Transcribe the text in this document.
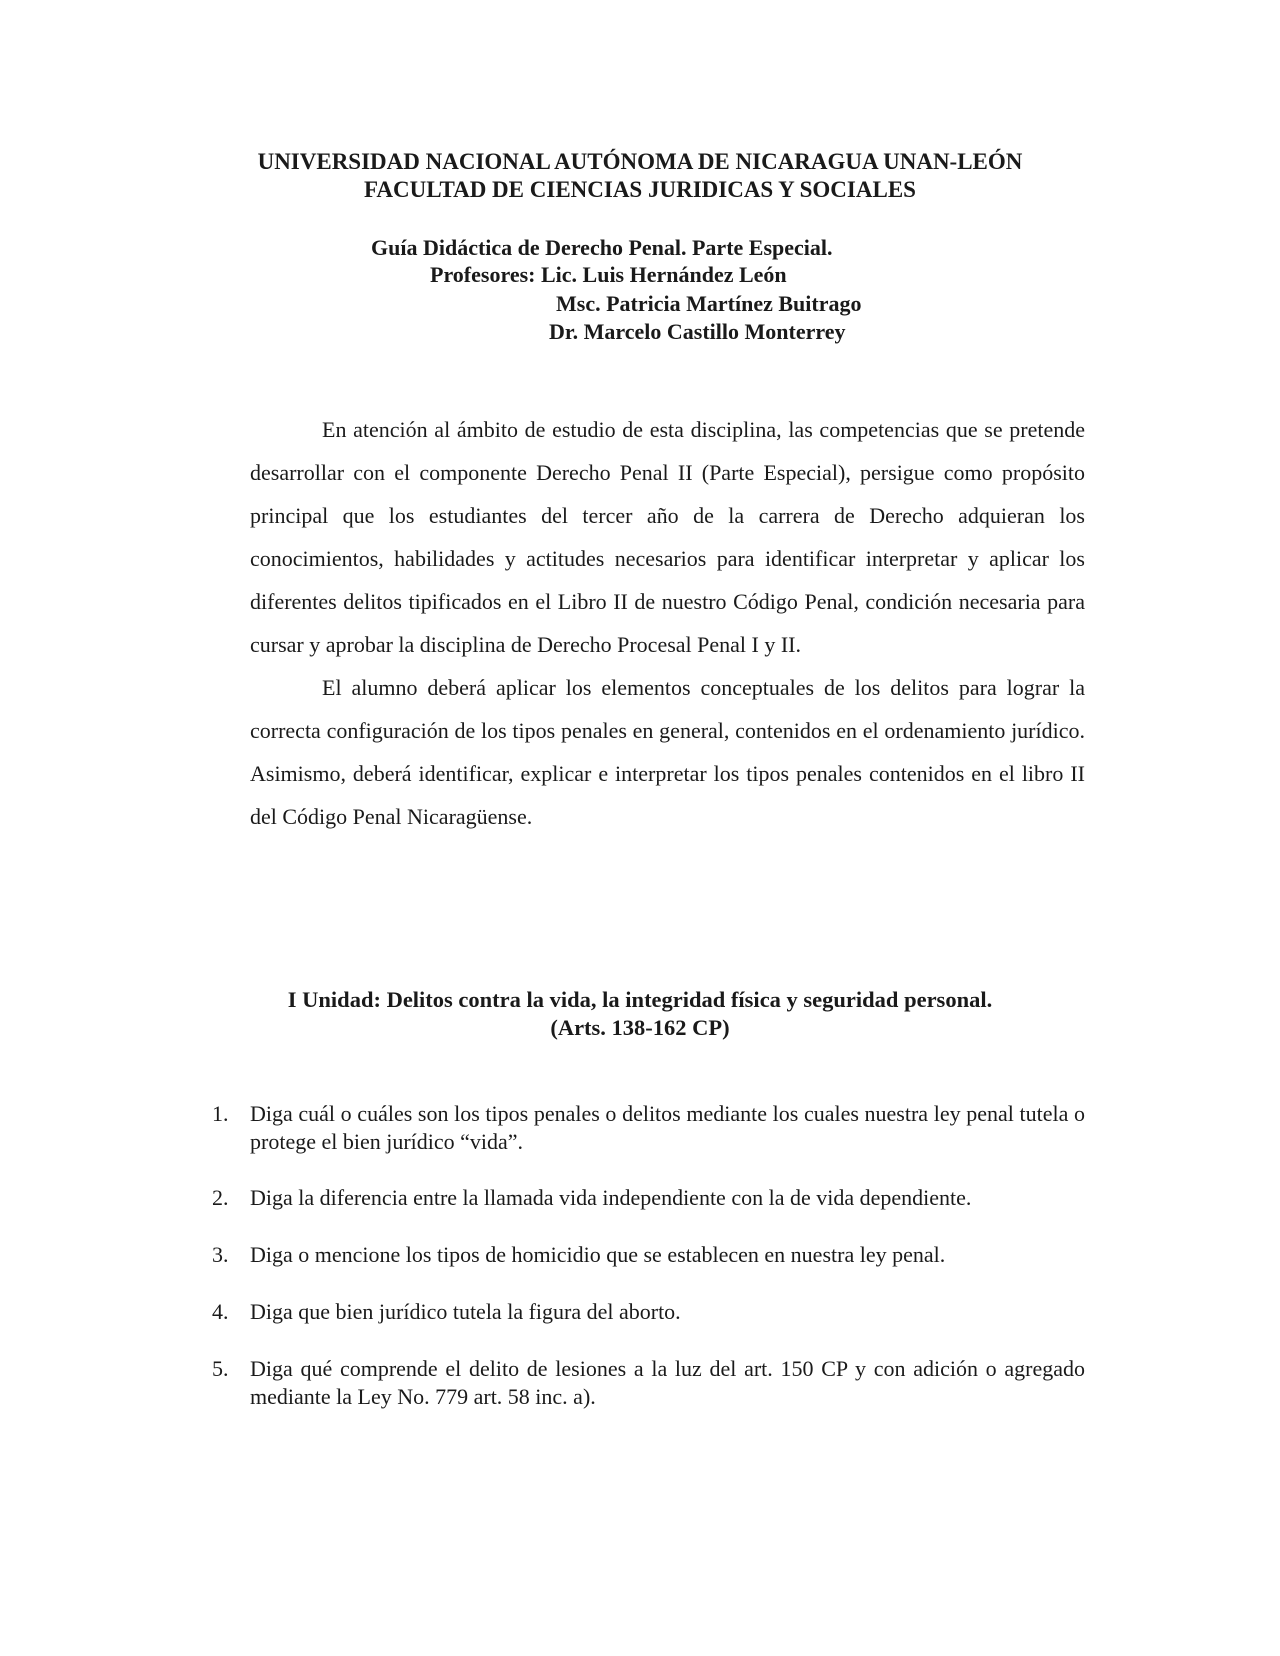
UNIVERSIDAD NACIONAL AUTÓNOMA DE NICARAGUA UNAN-LEÓN
FACULTAD DE CIENCIAS JURIDICAS Y SOCIALES
Guía Didáctica de Derecho Penal. Parte Especial.
Profesores: Lic. Luis Hernández León
Msc. Patricia Martínez Buitrago
Dr. Marcelo Castillo Monterrey

En atención al ámbito de estudio de esta disciplina, las competencias que se pretende desarrollar con el componente Derecho Penal II (Parte Especial), persigue como propósito principal que los estudiantes del tercer año de la carrera de Derecho adquieran los conocimientos, habilidades y actitudes necesarios para identificar interpretar y aplicar los diferentes delitos tipificados en el Libro II de nuestro Código Penal, condición necesaria para cursar y aprobar la disciplina de Derecho Procesal Penal I y II.

El alumno deberá aplicar los elementos conceptuales de los delitos para lograr la correcta configuración de los tipos penales en general, contenidos en el ordenamiento jurídico. Asimismo, deberá identificar, explicar e interpretar los tipos penales contenidos en el libro II del Código Penal Nicaragüense.

I Unidad: Delitos contra la vida, la integridad física y seguridad personal.
(Arts. 138-162 CP)
1. Diga cuál o cuáles son los tipos penales o delitos mediante los cuales nuestra ley penal tutela o protege el bien jurídico “vida”.
2. Diga la diferencia entre la llamada vida independiente con la de vida dependiente.
3. Diga o mencione los tipos de homicidio que se establecen en nuestra ley penal.
4. Diga que bien jurídico tutela la figura del aborto.
5. Diga qué comprende el delito de lesiones a la luz del art. 150 CP y con adición o agregado mediante la Ley No. 779 art. 58 inc. a).
